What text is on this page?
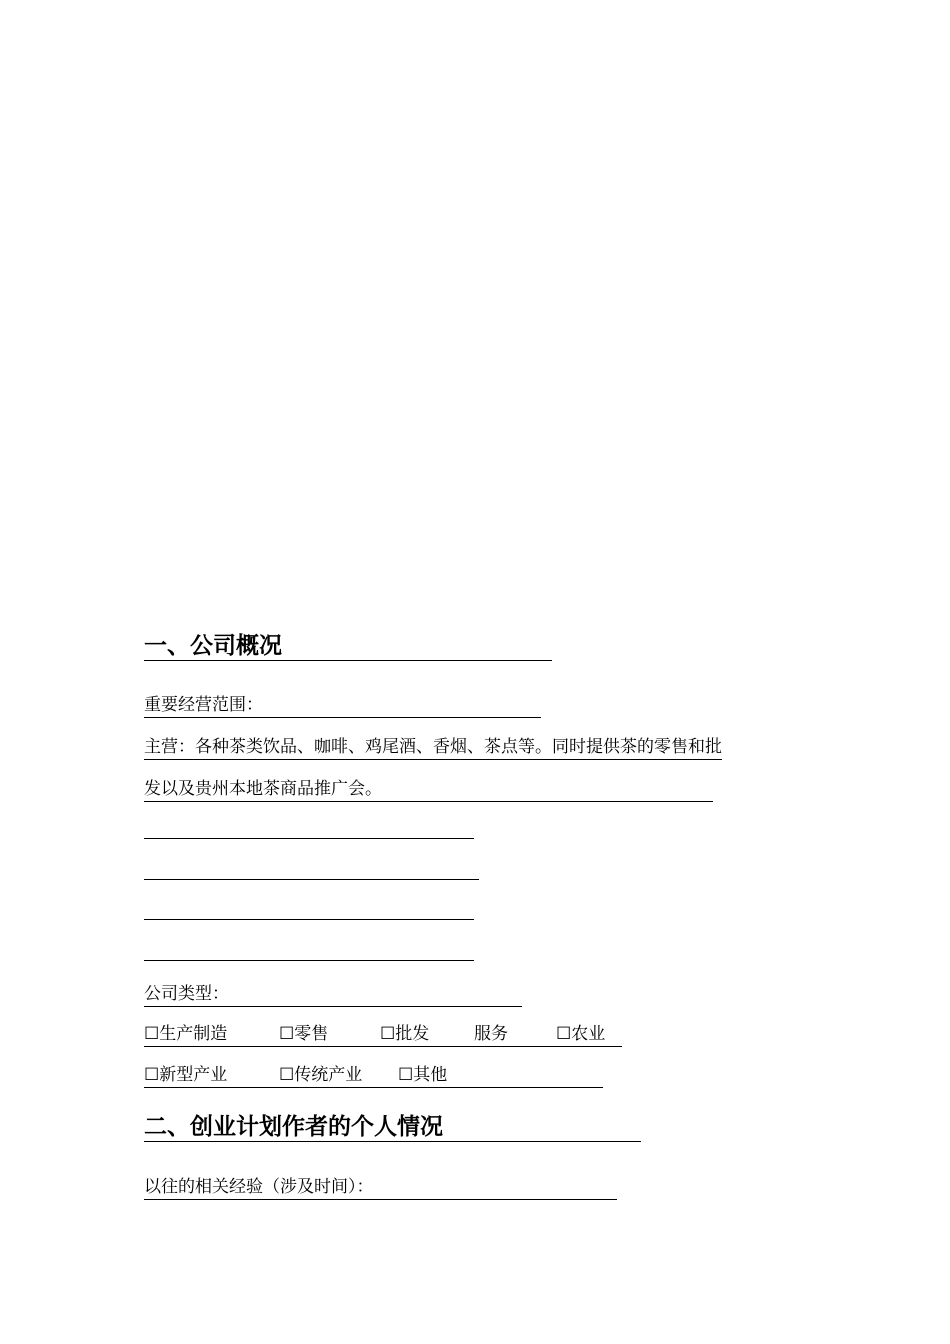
一、公司概况
重要经营范围：
主营：各种茶类饮品、咖啡、鸡尾酒、香烟、茶点等。同时提供茶的零售和批
发以及贵州本地茶商品推广会。
公司类型：
☐生产制造	☐零售	☐批发	服务	☐农业
☐新型产业	☐传统产业 ☐其他
二、创业计划作者的个人情况
以往的相关经验（涉及时间）：
